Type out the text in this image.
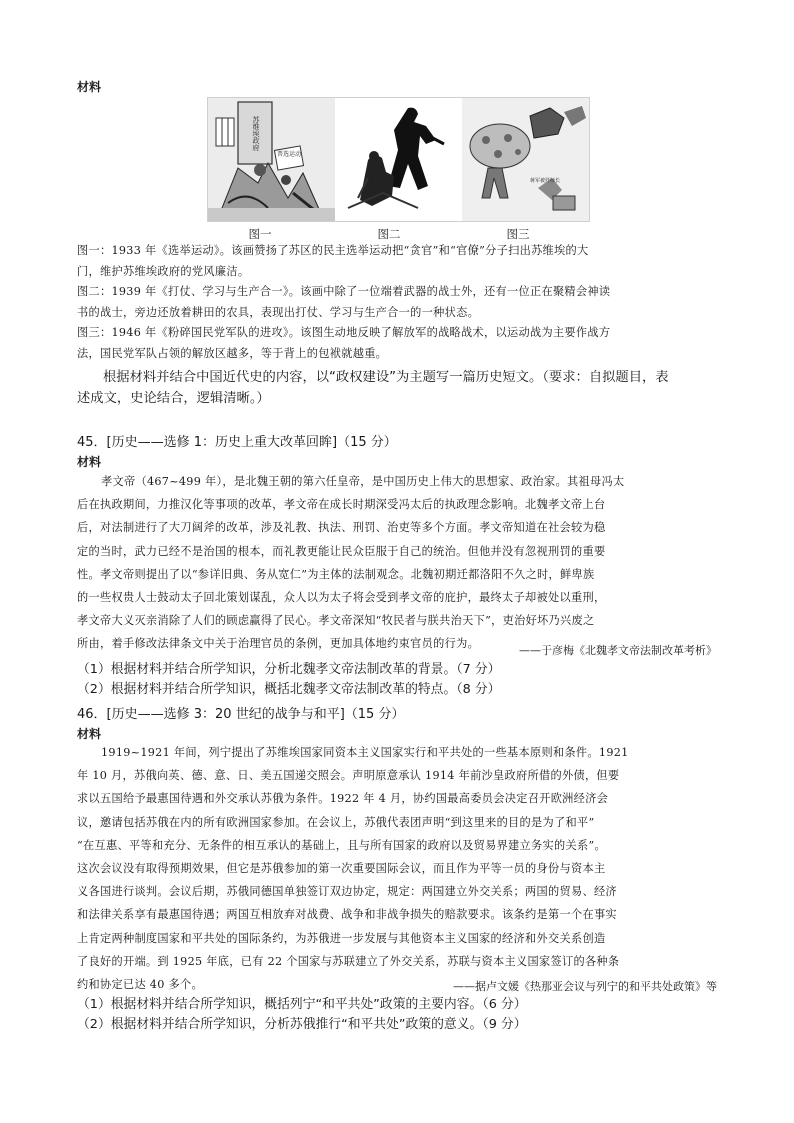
材料
苏维埃政府
普选运动
蒋军被歼师长
图一	图二	图三
图一：1933 年《选举运动》。该画赞扬了苏区的民主选举运动把“贪官”和“官僚”分子扫出苏维埃的大
门，维护苏维埃政府的党风廉洁。
图二：1939 年《打仗、学习与生产合一》。该画中除了一位端着武器的战士外，还有一位正在聚精会神读
书的战士，旁边还放着耕田的农具，表现出打仗、学习与生产合一的一种状态。
图三：1946 年《粉碎国民党军队的进攻》。该图生动地反映了解放军的战略战术，以运动战为主要作战方
法，国民党军队占领的解放区越多，等于背上的包袱就越重。
根据材料并结合中国近代史的内容，以“政权建设”为主题写一篇历史短文。（要求：自拟题目，表
述成文，史论结合，逻辑清晰。）
45．[历史——选修 1：历史上重大改革回眸]（15 分）
材料
孝文帝（467~499 年），是北魏王朝的第六任皇帝，是中国历史上伟大的思想家、政治家。其祖母冯太
后在执政期间，力推汉化等事项的改革，孝文帝在成长时期深受冯太后的执政理念影响。北魏孝文帝上台
后，对法制进行了大刀阔斧的改革，涉及礼教、执法、刑罚、治吏等多个方面。孝文帝知道在社会较为稳
定的当时，武力已经不是治国的根本，而礼教更能让民众臣服于自己的统治。但他并没有忽视刑罚的重要
性。孝文帝则提出了以“参详旧典、务从宽仁”为主体的法制观念。北魏初期迁都洛阳不久之时，鲜卑族
的一些权贵人士鼓动太子回北策划谋乱，众人以为太子将会受到孝文帝的庇护，最终太子却被处以重刑，
孝文帝大义灭亲消除了人们的顾虑赢得了民心。孝文帝深知“牧民者与朕共治天下”，吏治好坏乃兴废之
所由，着手修改法律条文中关于治理官员的条例，更加具体地约束官员的行为。
——于彦梅《北魏孝文帝法制改革考析》
（1）根据材料并结合所学知识，分析北魏孝文帝法制改革的背景。（7 分）
（2）根据材料并结合所学知识，概括北魏孝文帝法制改革的特点。（8 分）
46．[历史——选修 3：20 世纪的战争与和平]（15 分）
材料
1919~1921 年间，列宁提出了苏维埃国家同资本主义国家实行和平共处的一些基本原则和条件。1921
年 10 月，苏俄向英、德、意、日、美五国递交照会。声明原意承认 1914 年前沙皇政府所借的外债，但要
求以五国给予最惠国待遇和外交承认苏俄为条件。1922 年 4 月，协约国最高委员会决定召开欧洲经济会
议，邀请包括苏俄在内的所有欧洲国家参加。在会议上，苏俄代表团声明“到这里来的目的是为了和平”
“在互惠、平等和充分、无条件的相互承认的基础上，且与所有国家的政府以及贸易界建立务实的关系”。
这次会议没有取得预期效果，但它是苏俄参加的第一次重要国际会议，而且作为平等一员的身份与资本主
义各国进行谈判。会议后期，苏俄同德国单独签订双边协定，规定：两国建立外交关系；两国的贸易、经济
和法律关系享有最惠国待遇；两国互相放弃对战费、战争和非战争损失的赔款要求。该条约是第一个在事实
上肯定两种制度国家和平共处的国际条约，为苏俄进一步发展与其他资本主义国家的经济和外交关系创造
了良好的开端。到 1925 年底，已有 22 个国家与苏联建立了外交关系，苏联与资本主义国家签订的各种条
约和协定已达 40 多个。	——据卢文媛《热那亚会议与列宁的和平共处政策》等
（1）根据材料并结合所学知识，概括列宁“和平共处”政策的主要内容。（6 分）
（2）根据材料并结合所学知识，分析苏俄推行“和平共处”政策的意义。（9 分）
